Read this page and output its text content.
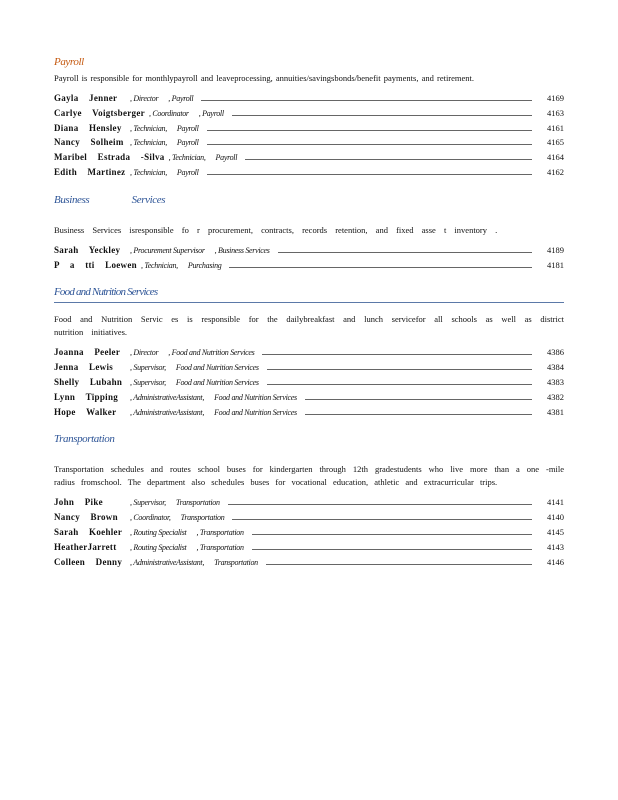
Payroll

Payroll is responsible for monthlypayroll and leaveprocessing, annuities/savingsbonds/benefit payments, and retirement.

Gayla Jenner	, Director , Payroll	4169
Carlye Voigtsberger , Coordinator , Payroll	4163
Diana Hensley	, Technician, Payroll	4161
Nancy Solheim , Technician, Payroll	4165
Maribel Estrada -Silva , Technician, Payroll	4164
Edith Martinez , Technician, Payroll	4162
Business Services

Business Services isresponsible fo r procurement, contracts, records retention, and fixed asse t inventory .

Sarah Yeckley	, Procurement Supervisor , Business Services	4189
P a tti Loewen , Technician, Purchasing	4181
Food and Nutrition Services

Food and Nutrition Servic es is responsible for the dailybreakfast and lunch servicefor all schools as well as district nutrition initiatives.

Joanna Peeler	, Director , Food and Nutrition Services	4386
Jenna Lewis	, Supervisor, Food and Nutrition Services	4384
Shelly Lubahn , Supervisor, Food and Nutrition Services	4383
Lynn Tipping	, AdministrativeAssistant, Food and Nutrition Services	4382
Hope Walker	, AdministrativeAssistant, Food and Nutrition Services	4381
Transportation

Transportation schedules and routes school buses for kindergarten through 12th gradestudents who live more than a one -mile radius fromschool. The department also schedules buses for vocational education, athletic and extracurricular trips.

John Pike	, Supervisor, Transportation	4141
Nancy Brown	, Coordinator, Transportation	4140
Sarah Koehler , Routing Specialist , Transportation	4145
HeatherJarrett	, Routing Specialist , Transportation	4143
Colleen Denny , AdministrativeAssistant, Transportation	4146
